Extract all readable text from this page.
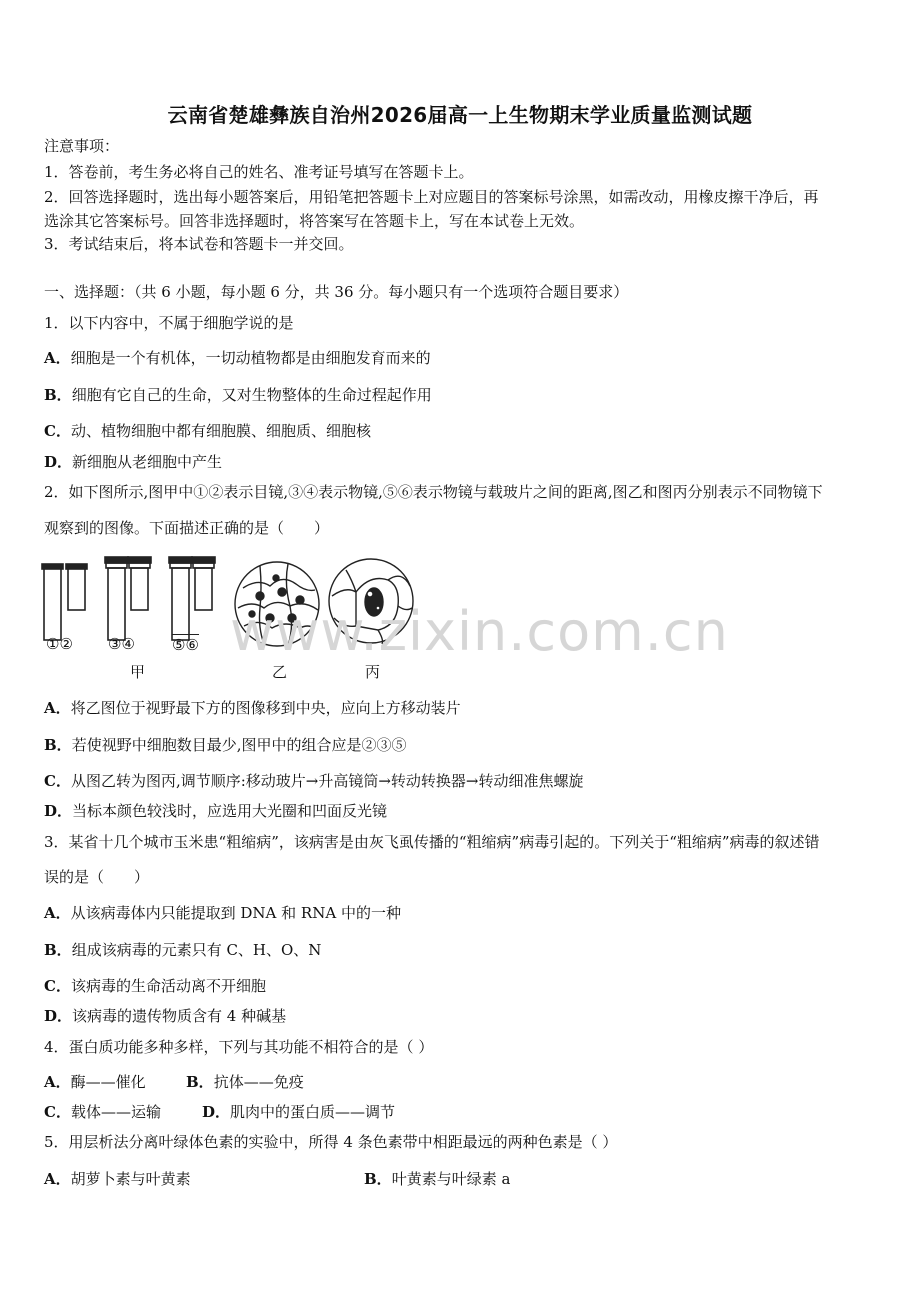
云南省楚雄彝族自治州2026届高一上生物期末学业质量监测试题
注意事项：
1．答卷前，考生务必将自己的姓名、准考证号填写在答题卡上。
2．回答选择题时，选出每小题答案后，用铅笔把答题卡上对应题目的答案标号涂黑，如需改动，用橡皮擦干净后，再
选涂其它答案标号。回答非选择题时，将答案写在答题卡上，写在本试卷上无效。
3．考试结束后，将本试卷和答题卡一并交回。
一、选择题：（共 6 小题，每小题 6 分，共 36 分。每小题只有一个选项符合题目要求）
1．以下内容中，不属于细胞学说的是
A．细胞是一个有机体，一切动植物都是由细胞发育而来的
B．细胞有它自己的生命，又对生物整体的生命过程起作用
C．动、植物细胞中都有细胞膜、细胞质、细胞核
D．新细胞从老细胞中产生
2．如下图所示,图甲中①②表示目镜,③④表示物镜,⑤⑥表示物镜与载玻片之间的距离,图乙和图丙分别表示不同物镜下
观察到的图像。下面描述正确的是（　　）
①② ③④ ⑤⑥
甲	乙	丙
www.zixin.com.cn
A．将乙图位于视野最下方的图像移到中央，应向上方移动装片
B．若使视野中细胞数目最少,图甲中的组合应是②③⑤
C．从图乙转为图丙,调节顺序:移动玻片→升高镜筒→转动转换器→转动细准焦螺旋
D．当标本颜色较浅时，应选用大光圈和凹面反光镜
3．某省十几个城市玉米患“粗缩病”，该病害是由灰飞虱传播的“粗缩病”病毒引起的。下列关于“粗缩病”病毒的叙述错
误的是（　　）
A．从该病毒体内只能提取到 DNA 和 RNA 中的一种
B．组成该病毒的元素只有 C、H、O、N
C．该病毒的生命活动离不开细胞
D．该病毒的遗传物质含有 4 种碱基
4．蛋白质功能多种多样，下列与其功能不相符合的是（ ）
A．酶——催化	B．抗体——免疫
C．载体——运输	D．肌肉中的蛋白质——调节
5．用层析法分离叶绿体色素的实验中，所得 4 条色素带中相距最远的两种色素是（ ）
A．胡萝卜素与叶黄素	B．叶黄素与叶绿素 a
